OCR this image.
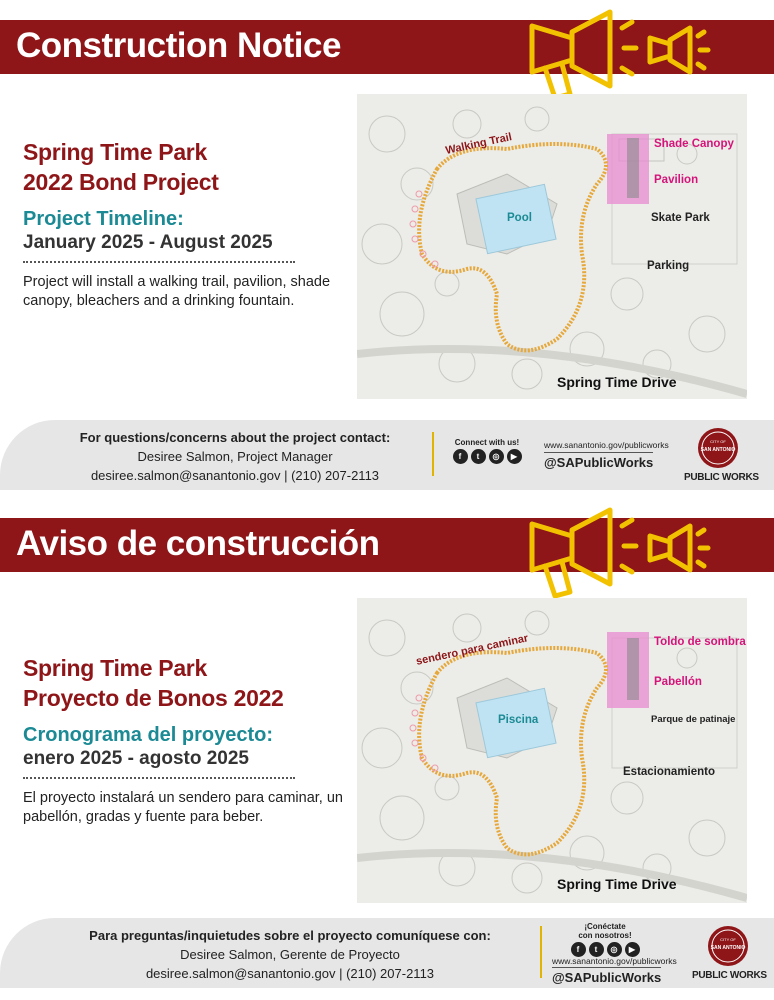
Construction Notice
Spring Time Park
2022 Bond Project
Project Timeline:
January 2025 - August 2025
Project will install a walking trail, pavilion, shade canopy, bleachers and a drinking fountain.
Walking Trail	Shade Canopy
Pavilion
Pool	Skate Park
Parking
Spring Time Drive
For questions/concerns about the project contact:
Desiree Salmon, Project Manager
desiree.salmon@sanantonio.gov | (210) 207-2113
Connect with us!
f	t	◎	▶
www.sanantonio.gov/publicworks
@SAPublicWorks
CITY OF
SAN ANTONIO
PUBLIC WORKS
Aviso de construcción
Spring Time Park
Proyecto de Bonos 2022
Cronograma del proyecto:
enero 2025 - agosto 2025
El proyecto instalará un sendero para caminar, un pabellón, gradas y fuente para beber.
sendero para caminar	Toldo de sombra
Pabellón
Piscina	Parque de patinaje
Estacionamiento
Spring Time Drive
Para preguntas/inquietudes sobre el proyecto comuníquese con:
Desiree Salmon, Gerente de Proyecto
desiree.salmon@sanantonio.gov | (210) 207-2113
¡Conéctate
con nosotros!
f	t	◎	▶
www.sanantonio.gov/publicworks
@SAPublicWorks
CITY OF
SAN ANTONIO
PUBLIC WORKS
